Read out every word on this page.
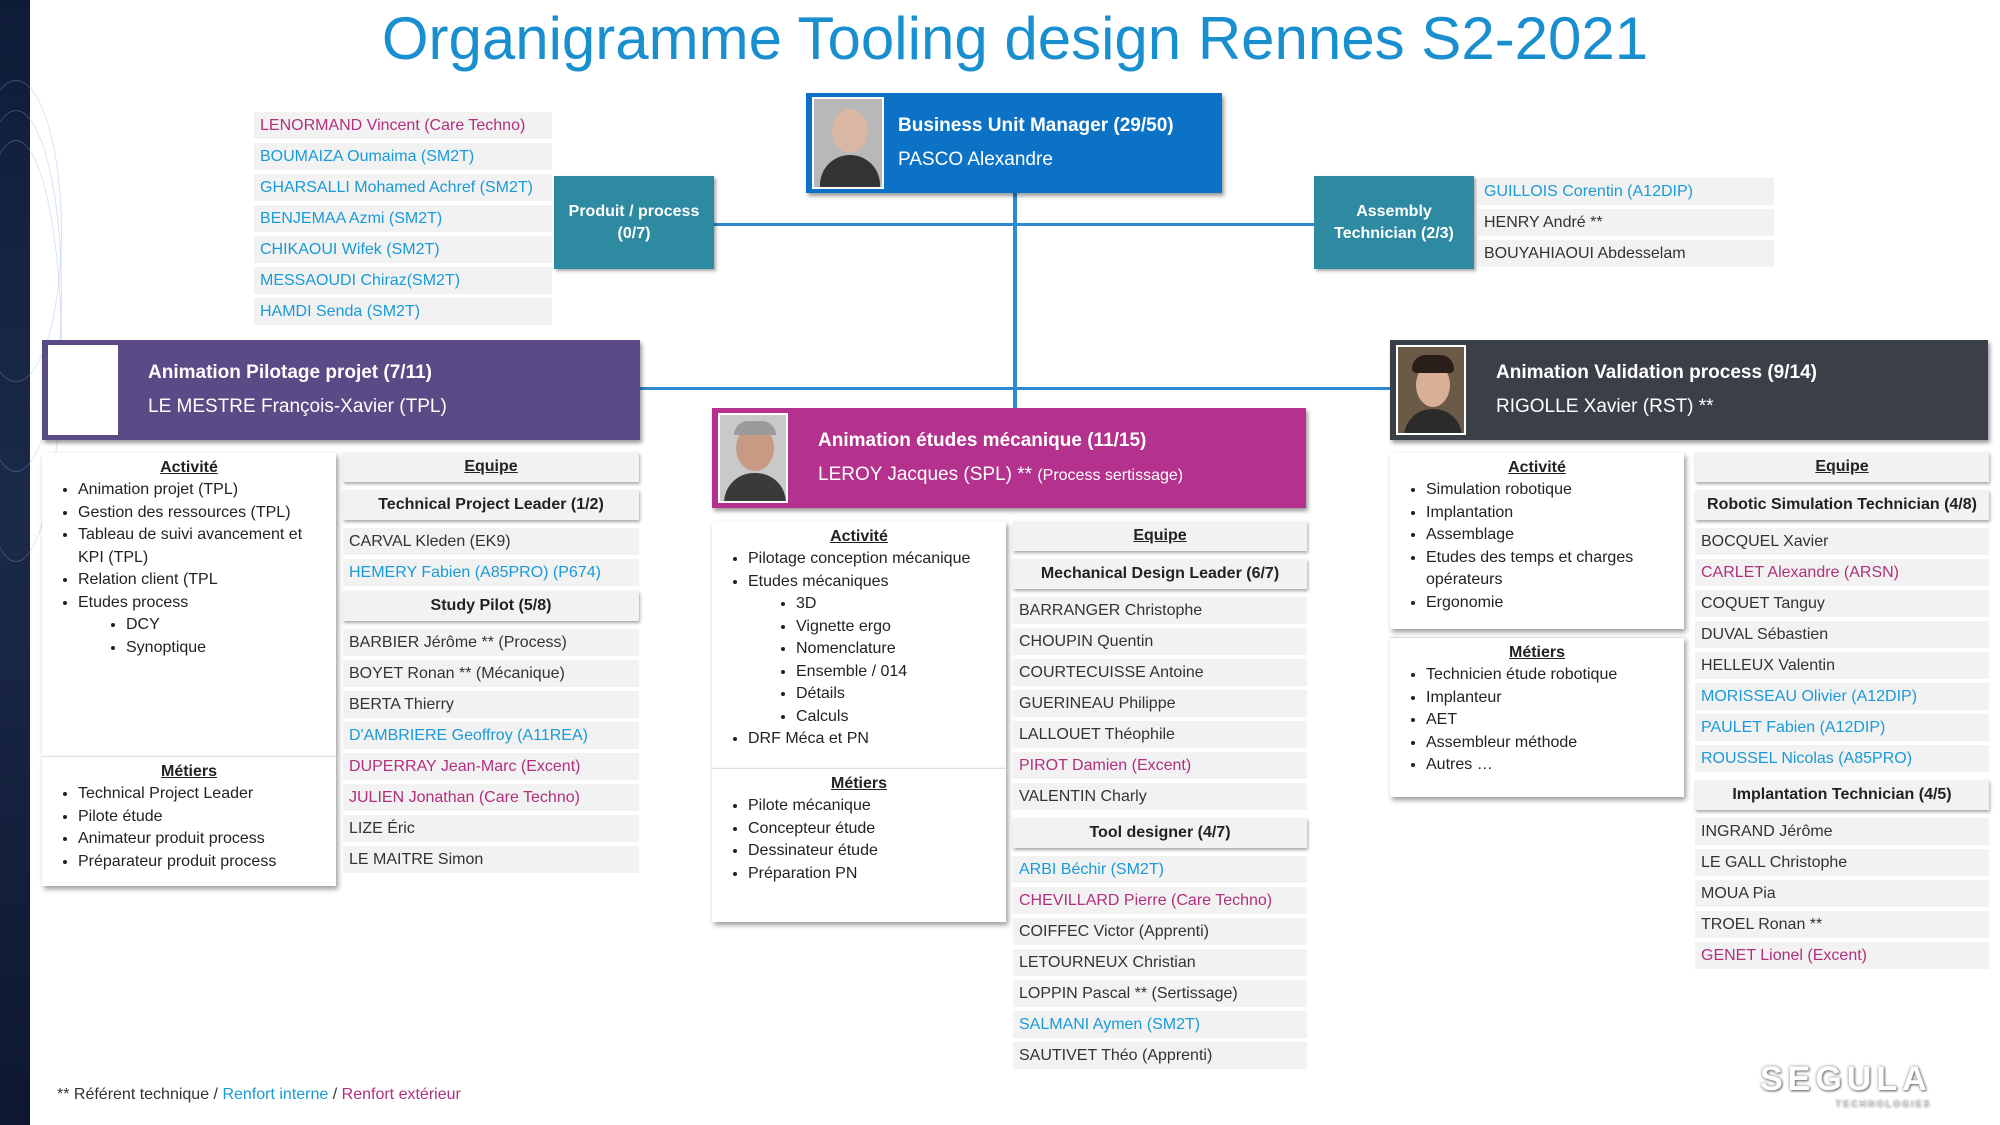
Organigramme Tooling design Rennes S2-2021
Business Unit Manager (29/50)
PASCO Alexandre
Produit / process (0/7)
LENORMAND Vincent (Care Techno)
BOUMAIZA Oumaima (SM2T)
GHARSALLI Mohamed Achref (SM2T)
BENJEMAA Azmi (SM2T)
CHIKAOUI Wifek (SM2T)
MESSAOUDI Chiraz(SM2T)
HAMDI Senda (SM2T)
Assembly Technician (2/3)
GUILLOIS Corentin (A12DIP)
HENRY André **
BOUYAHIAOUI Abdesselam
Animation Pilotage projet (7/11)
LE MESTRE François-Xavier (TPL)
Activité
• Animation projet (TPL)
• Gestion des ressources (TPL)
• Tableau de suivi avancement et KPI (TPL)
• Relation client (TPL
• Etudes process
• DCY
• Synoptique
Métiers
• Technical Project Leader
• Pilote étude
• Animateur produit process
• Préparateur produit process
Equipe
Technical Project Leader (1/2)
CARVAL Kleden (EK9)
HEMERY Fabien (A85PRO) (P674)
Study Pilot (5/8)
BARBIER Jérôme ** (Process)
BOYET Ronan ** (Mécanique)
BERTA Thierry
D'AMBRIERE Geoffroy (A11REA)
DUPERRAY Jean-Marc (Excent)
JULIEN Jonathan (Care Techno)
LIZE Éric
LE MAITRE Simon
Animation études mécanique (11/15)
LEROY Jacques (SPL) ** (Process sertissage)
Activité
• Pilotage conception mécanique
• Etudes mécaniques
• 3D
• Vignette ergo
• Nomenclature
• Ensemble / 014
• Détails
• Calculs
• DRF Méca et PN
Métiers
• Pilote mécanique
• Concepteur étude
• Dessinateur étude
• Préparation PN
Equipe
Mechanical Design Leader (6/7)
BARRANGER Christophe
CHOUPIN Quentin
COURTECUISSE Antoine
GUERINEAU Philippe
LALLOUET Théophile
PIROT Damien (Excent)
VALENTIN Charly
Tool designer (4/7)
ARBI Béchir (SM2T)
CHEVILLARD Pierre (Care Techno)
COIFFEC Victor (Apprenti)
LETOURNEUX Christian
LOPPIN Pascal ** (Sertissage)
SALMANI Aymen (SM2T)
SAUTIVET Théo (Apprenti)
Animation Validation process (9/14)
RIGOLLE Xavier (RST) **
Activité
• Simulation robotique
• Implantation
• Assemblage
• Etudes des temps et charges opérateurs
• Ergonomie
Métiers
• Technicien étude robotique
• Implanteur
• AET
• Assembleur méthode
• Autres …
Equipe
Robotic Simulation Technician (4/8)
BOCQUEL Xavier
CARLET Alexandre (ARSN)
COQUET Tanguy
DUVAL Sébastien
HELLEUX Valentin
MORISSEAU Olivier (A12DIP)
PAULET Fabien (A12DIP)
ROUSSEL Nicolas (A85PRO)
Implantation Technician (4/5)
INGRAND Jérôme
LE GALL Christophe
MOUA Pia
TROEL Ronan **
GENET Lionel (Excent)
** Référent technique / Renfort interne / Renfort extérieur	SEGULA
TECHNOLOGIES
